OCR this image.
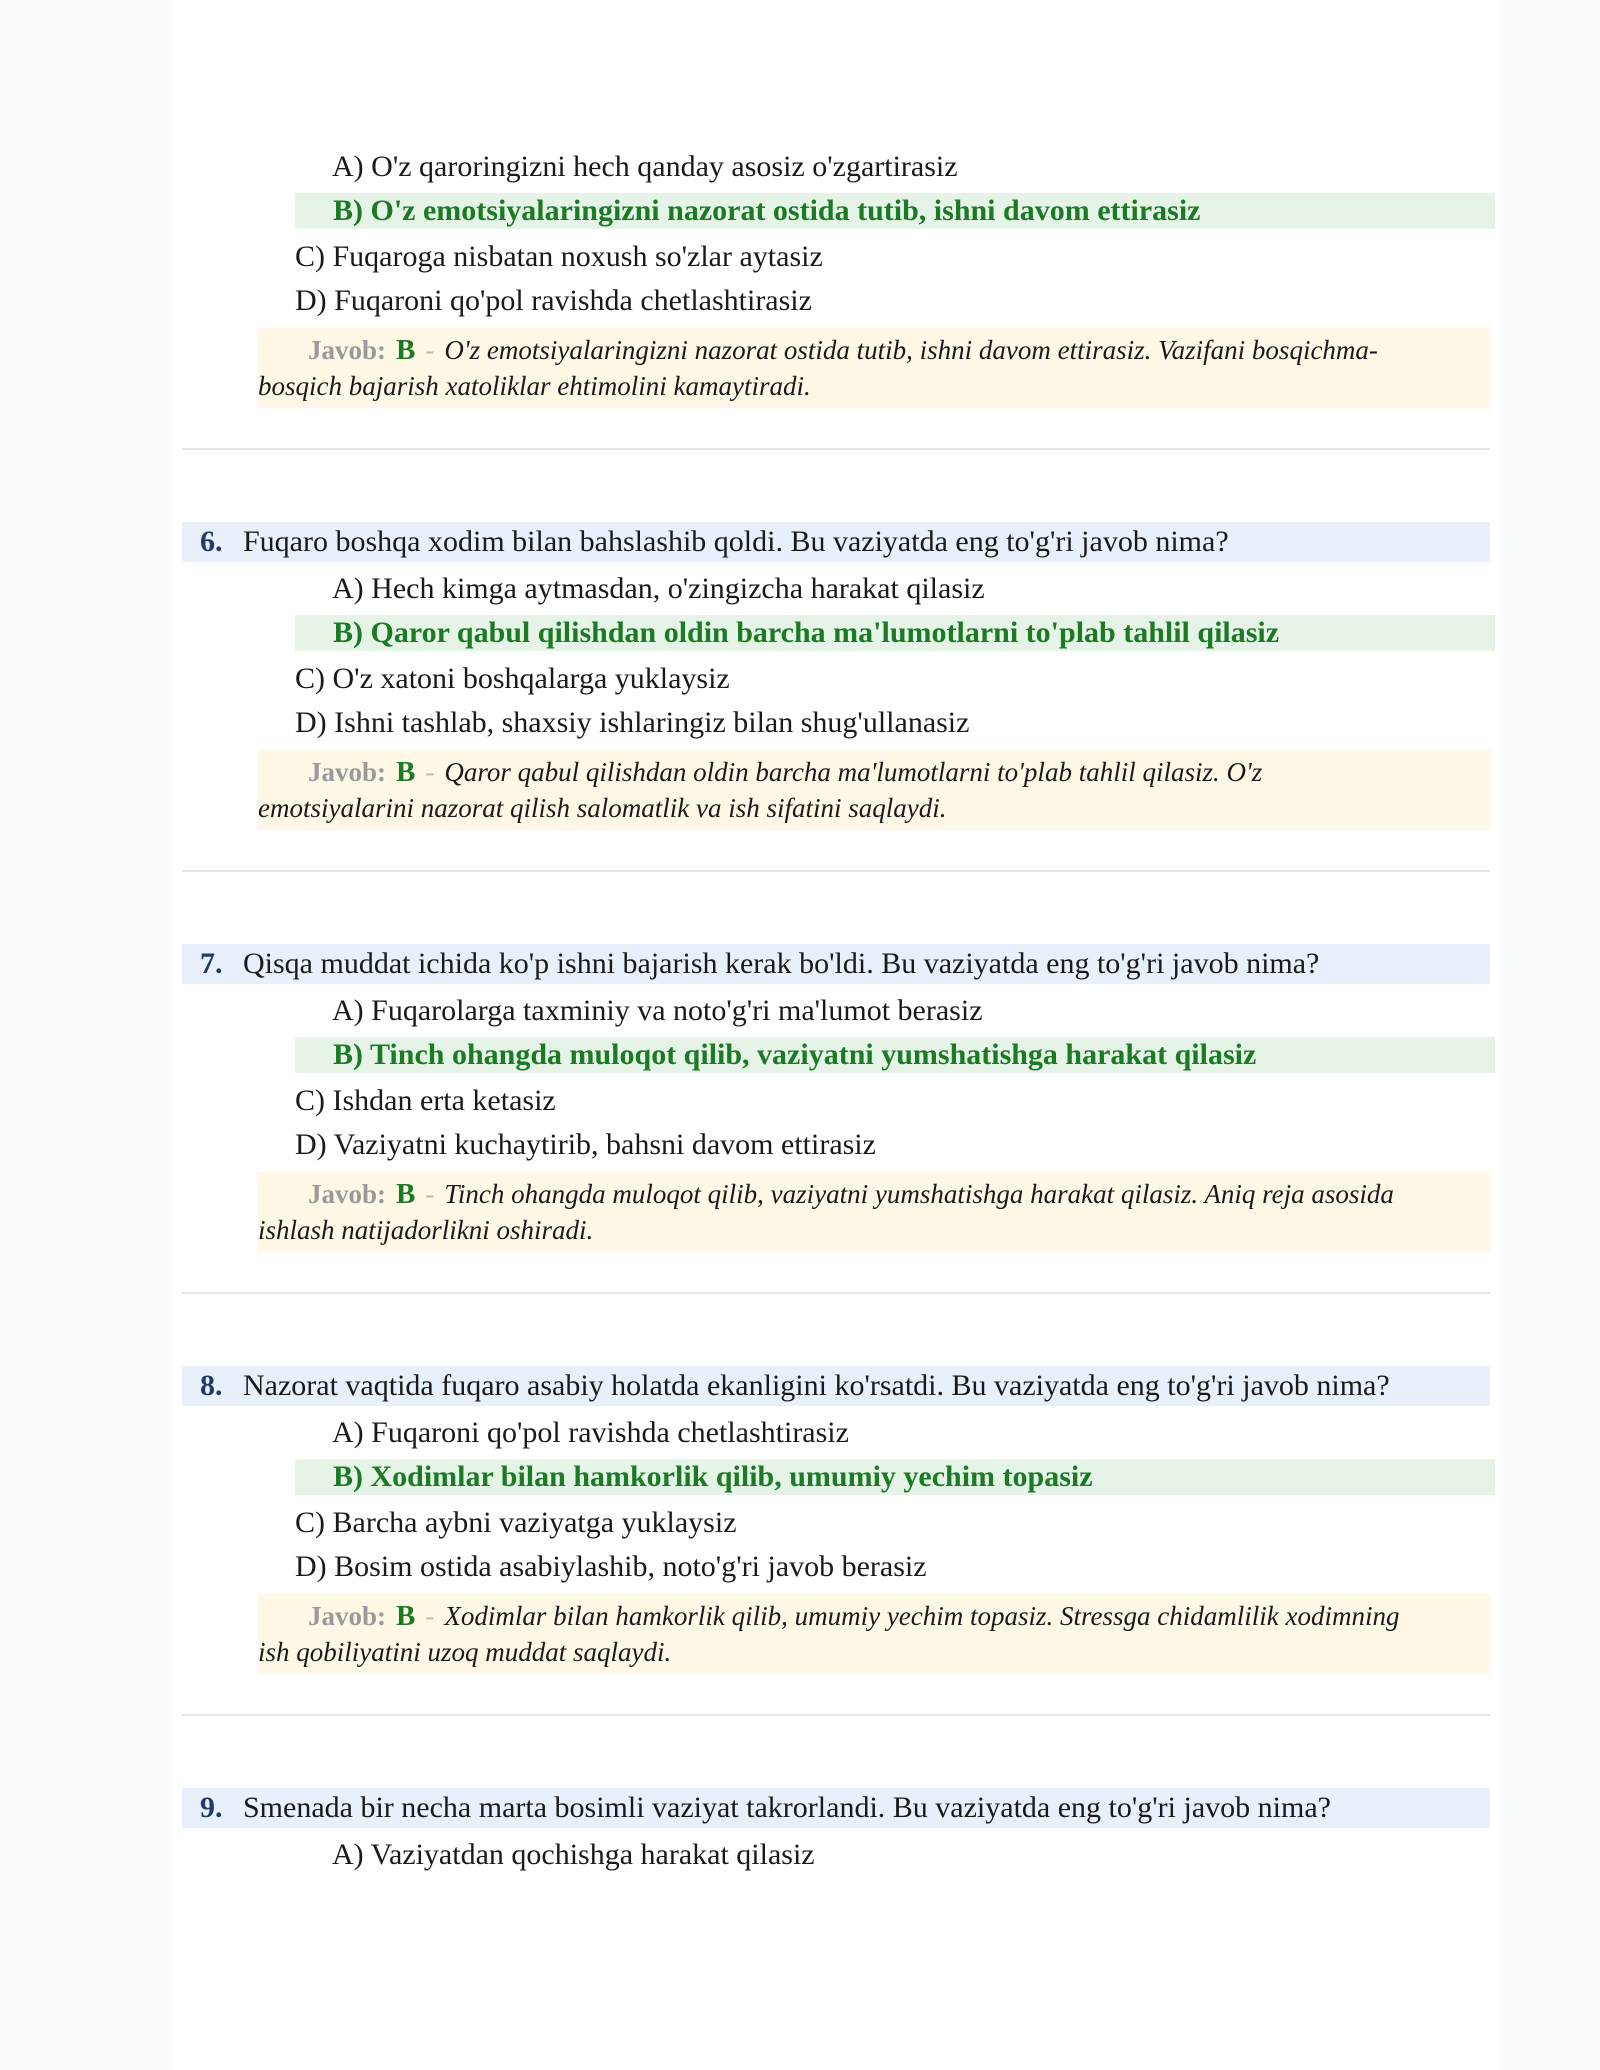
A) O'z qaroringizni hech qanday asosiz o'zgartirasiz
B) O'z emotsiyalaringizni nazorat ostida tutib, ishni davom ettirasiz
C) Fuqaroga nisbatan noxush so'zlar aytasiz
D) Fuqaroni qo'pol ravishda chetlashtirasiz
Javob: B - O'z emotsiyalaringizni nazorat ostida tutib, ishni davom ettirasiz. Vazifani bosqichma-
bosqich bajarish xatoliklar ehtimolini kamaytiradi.
6. Fuqaro boshqa xodim bilan bahslashib qoldi. Bu vaziyatda eng to'g'ri javob nima?
A) Hech kimga aytmasdan, o'zingizcha harakat qilasiz
B) Qaror qabul qilishdan oldin barcha ma'lumotlarni to'plab tahlil qilasiz
C) O'z xatoni boshqalarga yuklaysiz
D) Ishni tashlab, shaxsiy ishlaringiz bilan shug'ullanasiz
Javob: B - Qaror qabul qilishdan oldin barcha ma'lumotlarni to'plab tahlil qilasiz. O'z
emotsiyalarini nazorat qilish salomatlik va ish sifatini saqlaydi.
7. Qisqa muddat ichida ko'p ishni bajarish kerak bo'ldi. Bu vaziyatda eng to'g'ri javob nima?
A) Fuqarolarga taxminiy va noto'g'ri ma'lumot berasiz
B) Tinch ohangda muloqot qilib, vaziyatni yumshatishga harakat qilasiz
C) Ishdan erta ketasiz
D) Vaziyatni kuchaytirib, bahsni davom ettirasiz
Javob: B - Tinch ohangda muloqot qilib, vaziyatni yumshatishga harakat qilasiz. Aniq reja asosida
ishlash natijadorlikni oshiradi.
8. Nazorat vaqtida fuqaro asabiy holatda ekanligini ko'rsatdi. Bu vaziyatda eng to'g'ri javob nima?
A) Fuqaroni qo'pol ravishda chetlashtirasiz
B) Xodimlar bilan hamkorlik qilib, umumiy yechim topasiz
C) Barcha aybni vaziyatga yuklaysiz
D) Bosim ostida asabiylashib, noto'g'ri javob berasiz
Javob: B - Xodimlar bilan hamkorlik qilib, umumiy yechim topasiz. Stressga chidamlilik xodimning
ish qobiliyatini uzoq muddat saqlaydi.
9. Smenada bir necha marta bosimli vaziyat takrorlandi. Bu vaziyatda eng to'g'ri javob nima?
A) Vaziyatdan qochishga harakat qilasiz
